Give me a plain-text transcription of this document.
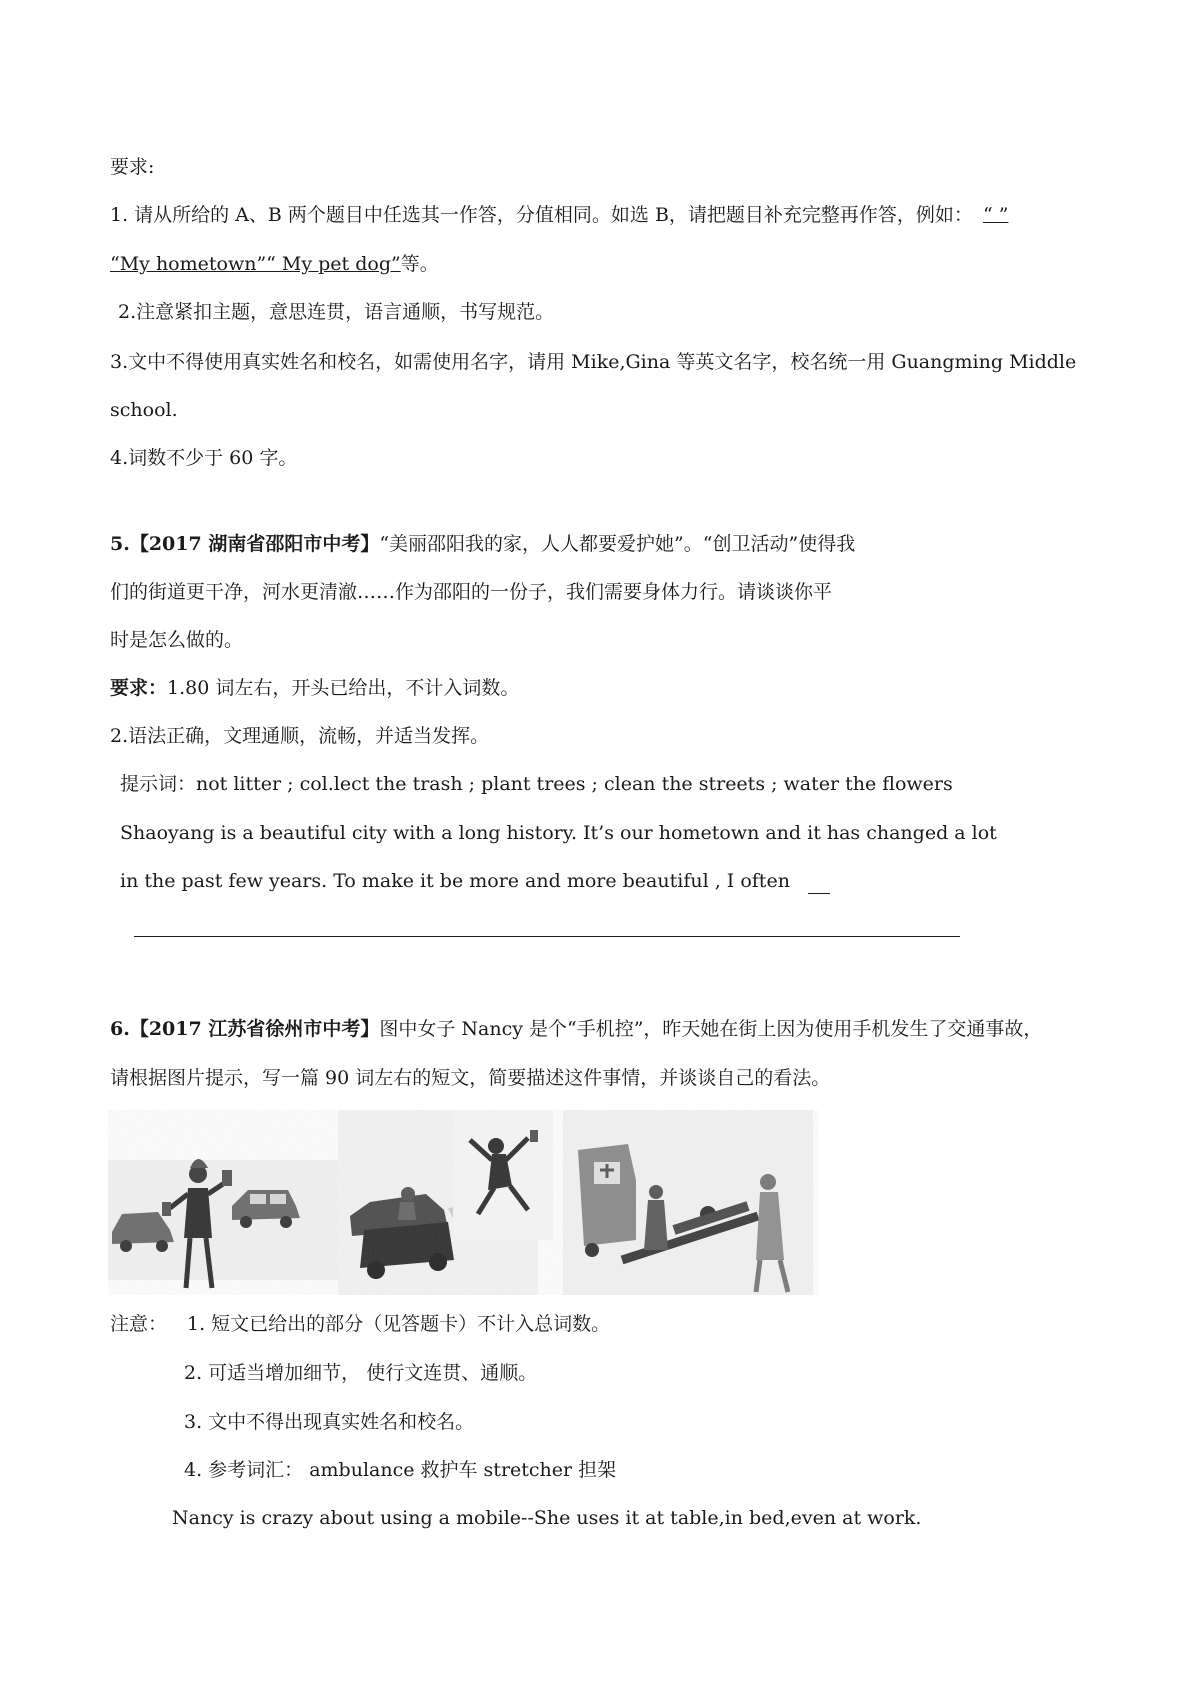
要求:
1. 请从所给的 A、B 两个题目中任选其一作答，分值相同。如选 B，请把题目补充完整再作答，例如： “ ”
“My hometown”“ My pet dog”等。
2.注意紧扣主题，意思连贯，语言通顺，书写规范。
3.文中不得使用真实姓名和校名，如需使用名字，请用 Mike,Gina 等英文名字，校名统一用 Guangming Middle
school.
4.词数不少于 60 字。
5.【2017 湖南省邵阳市中考】“美丽邵阳我的家，人人都要爱护她”。“创卫活动”使得我
们的街道更干净，河水更清澈……作为邵阳的一份子，我们需要身体力行。请谈谈你平
时是怎么做的。
要求：1.80 词左右，开头已给出，不计入词数。
2.语法正确，文理通顺，流畅，并适当发挥。
提示词：not litter ; col.lect the trash ; plant trees ; clean the streets ; water the flowers
Shaoyang is a beautiful city with a long history. It’s our hometown and it has changed a lot
in the past few years. To make it be more and more beautiful , I often
6.【2017 江苏省徐州市中考】图中女子 Nancy 是个“手机控”，昨天她在街上因为使用手机发生了交通事故，
请根据图片提示，写一篇 90 词左右的短文，简要描述这件事情，并谈谈自己的看法。
注意： 1. 短文已给出的部分（见答题卡）不计入总词数。
2. 可适当增加细节， 使行文连贯、通顺。
3. 文中不得出现真实姓名和校名。
4. 参考词汇： ambulance 救护车 stretcher 担架
Nancy is crazy about using a mobile--She uses it at table,in bed,even at work.
